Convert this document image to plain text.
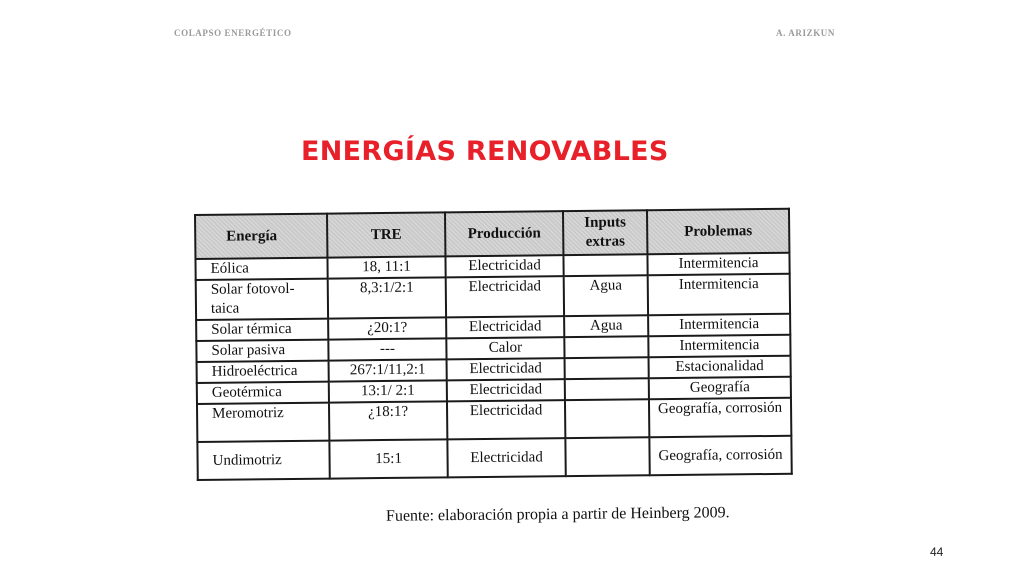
COLAPSO ENERGÉTICO	A. ARIZKUN
ENERGÍAS RENOVABLES
Energía	TRE	Producción	Inputs extras	Problemas
Eólica	18, 11:1	Electricidad		Intermitencia
Solar fotovol-taica	8,3:1/2:1	Electricidad	Agua	Intermitencia
Solar térmica	¿20:1?	Electricidad	Agua	Intermitencia
Solar pasiva	---	Calor		Intermitencia
Hidroeléctrica	267:1/11,2:1	Electricidad		Estacionalidad
Geotérmica	13:1/ 2:1	Electricidad		Geografía
Meromotriz	¿18:1?	Electricidad		Geografía, corrosión
Undimotriz	15:1	Electricidad		Geografía, corrosión
Fuente: elaboración propia a partir de Heinberg 2009.
44
